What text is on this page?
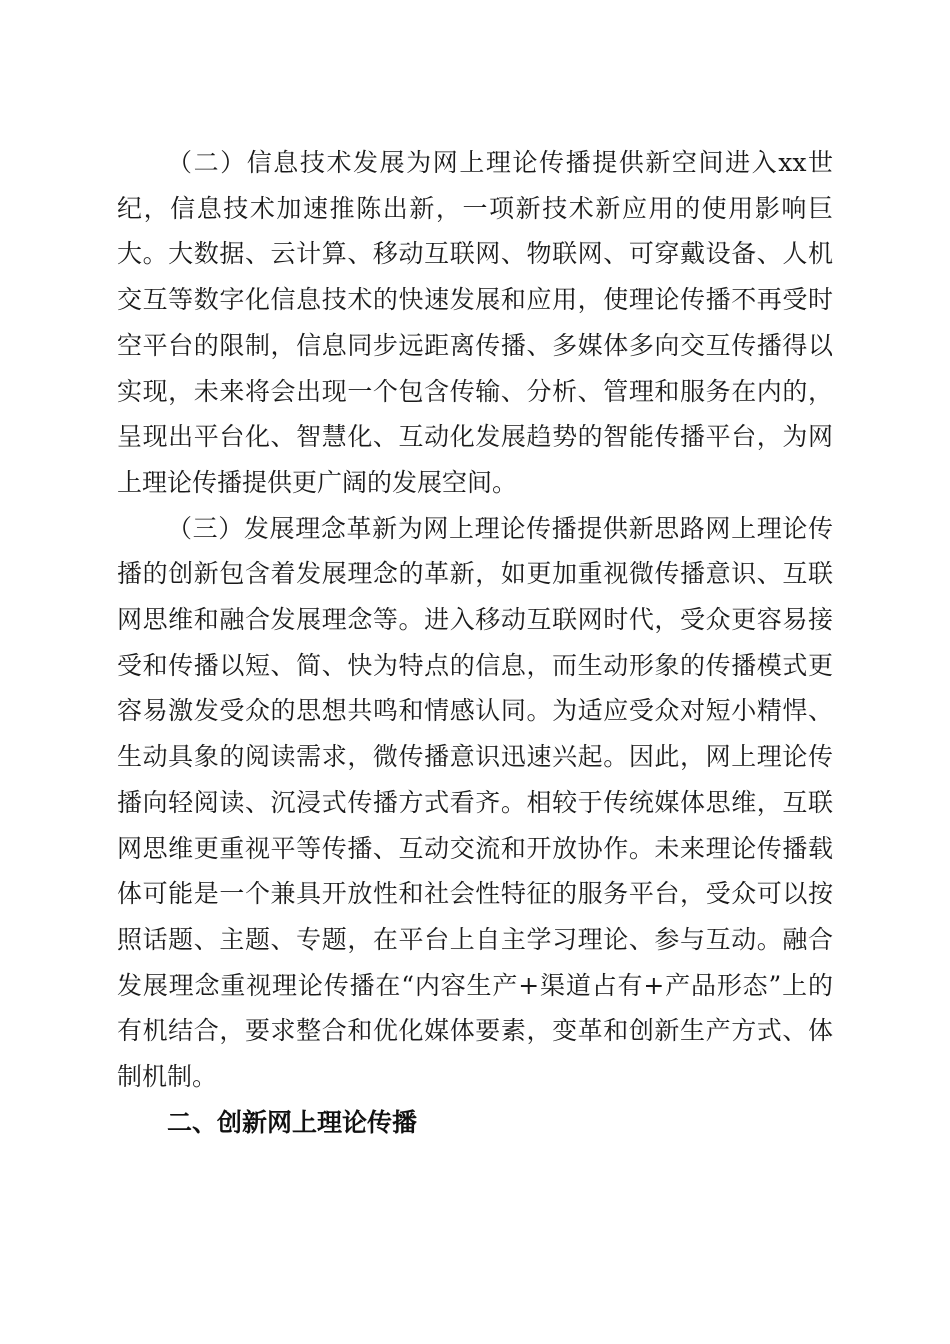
（二）信息技术发展为网上理论传播提供新空间进入xx世纪，信息技术加速推陈出新，一项新技术新应用的使用影响巨大。大数据、云计算、移动互联网、物联网、可穿戴设备、人机交互等数字化信息技术的快速发展和应用，使理论传播不再受时空平台的限制，信息同步远距离传播、多媒体多向交互传播得以实现，未来将会出现一个包含传输、分析、管理和服务在内的，呈现出平台化、智慧化、互动化发展趋势的智能传播平台，为网上理论传播提供更广阔的发展空间。

（三）发展理念革新为网上理论传播提供新思路网上理论传播的创新包含着发展理念的革新，如更加重视微传播意识、互联网思维和融合发展理念等。进入移动互联网时代，受众更容易接受和传播以短、简、快为特点的信息，而生动形象的传播模式更容易激发受众的思想共鸣和情感认同。为适应受众对短小精悍、生动具象的阅读需求，微传播意识迅速兴起。因此，网上理论传播向轻阅读、沉浸式传播方式看齐。相较于传统媒体思维，互联网思维更重视平等传播、互动交流和开放协作。未来理论传播载体可能是一个兼具开放性和社会性特征的服务平台，受众可以按照话题、主题、专题，在平台上自主学习理论、参与互动。融合发展理念重视理论传播在“内容生产+渠道占有+产品形态”上的有机结合，要求整合和优化媒体要素，变革和创新生产方式、体制机制。

二、创新网上理论传播
